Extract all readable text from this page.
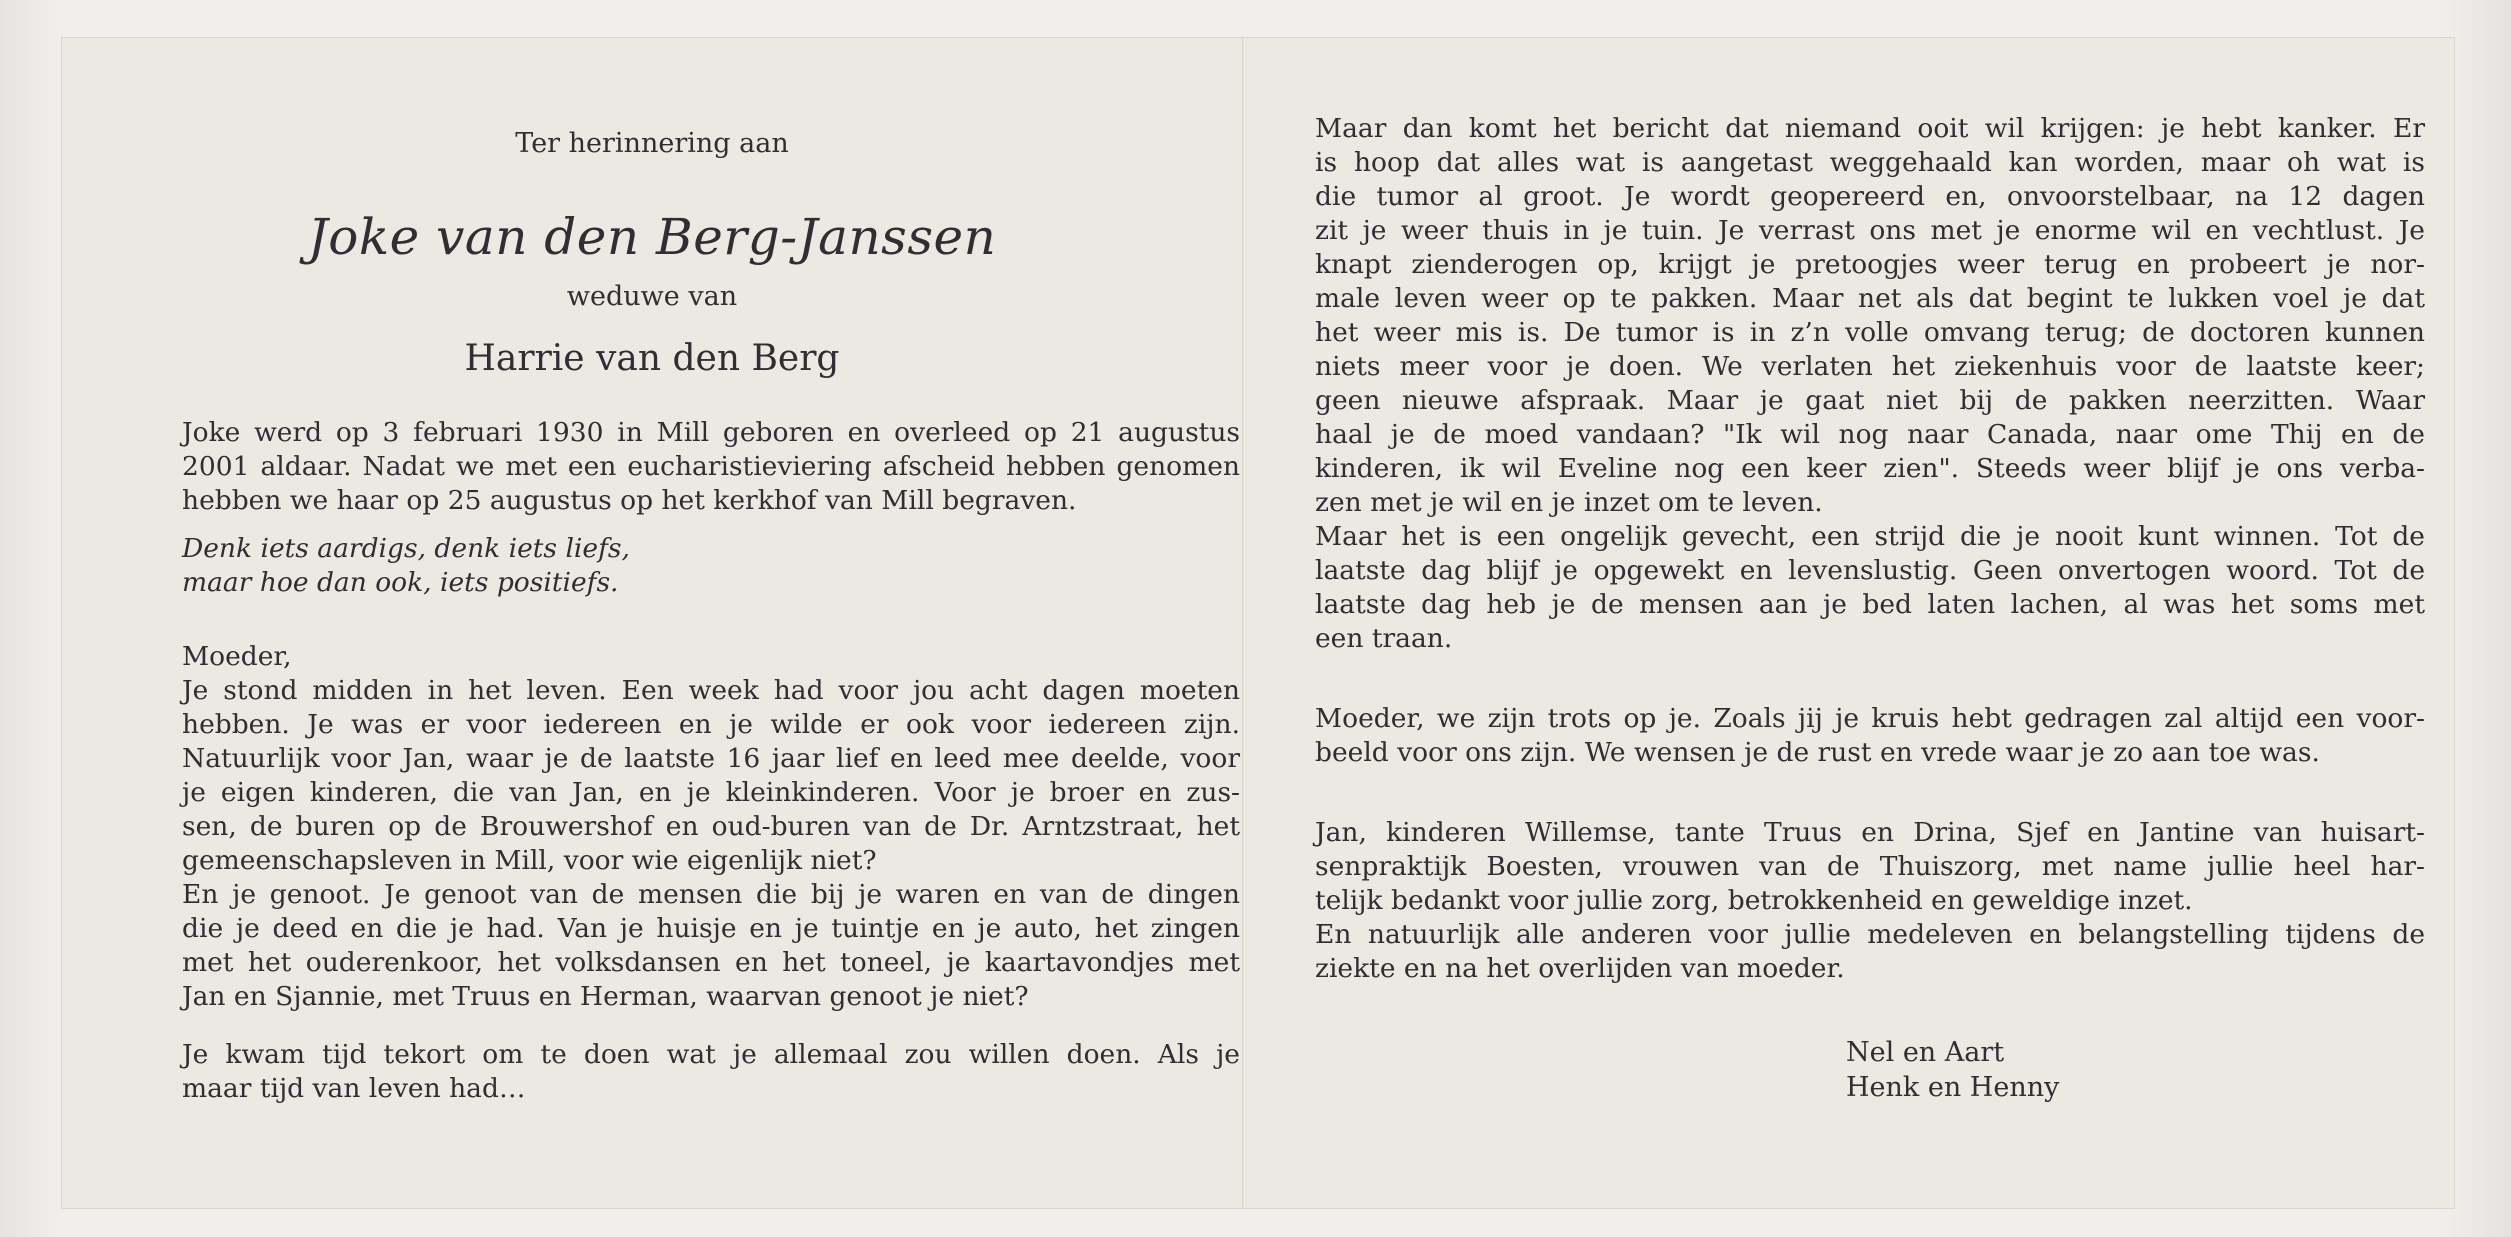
Ter herinnering aan
Joke van den Berg-Janssen
weduwe van
Harrie van den Berg
Joke werd op 3 februari 1930 in Mill geboren en overleed op 21 augustus
2001 aldaar. Nadat we met een eucharistieviering afscheid hebben genomen
hebben we haar op 25 augustus op het kerkhof van Mill begraven.
Denk iets aardigs, denk iets liefs,
maar hoe dan ook, iets positiefs.
Moeder,
Je stond midden in het leven. Een week had voor jou acht dagen moeten
hebben. Je was er voor iedereen en je wilde er ook voor iedereen zijn.
Natuurlijk voor Jan, waar je de laatste 16 jaar lief en leed mee deelde, voor
je eigen kinderen, die van Jan, en je kleinkinderen. Voor je broer en zus-
sen, de buren op de Brouwershof en oud-buren van de Dr. Arntzstraat, het
gemeenschapsleven in Mill, voor wie eigenlijk niet?
En je genoot. Je genoot van de mensen die bij je waren en van de dingen
die je deed en die je had. Van je huisje en je tuintje en je auto, het zingen
met het ouderenkoor, het volksdansen en het toneel, je kaartavondjes met
Jan en Sjannie, met Truus en Herman, waarvan genoot je niet?
Je kwam tijd tekort om te doen wat je allemaal zou willen doen. Als je
maar tijd van leven had…
Maar dan komt het bericht dat niemand ooit wil krijgen: je hebt kanker. Er
is hoop dat alles wat is aangetast weggehaald kan worden, maar oh wat is
die tumor al groot. Je wordt geopereerd en, onvoorstelbaar, na 12 dagen
zit je weer thuis in je tuin. Je verrast ons met je enorme wil en vechtlust. Je
knapt zienderogen op, krijgt je pretoogjes weer terug en probeert je nor-
male leven weer op te pakken. Maar net als dat begint te lukken voel je dat
het weer mis is. De tumor is in z’n volle omvang terug; de doctoren kunnen
niets meer voor je doen. We verlaten het ziekenhuis voor de laatste keer;
geen nieuwe afspraak. Maar je gaat niet bij de pakken neerzitten. Waar
haal je de moed vandaan? "Ik wil nog naar Canada, naar ome Thij en de
kinderen, ik wil Eveline nog een keer zien". Steeds weer blijf je ons verba-
zen met je wil en je inzet om te leven.
Maar het is een ongelijk gevecht, een strijd die je nooit kunt winnen. Tot de
laatste dag blijf je opgewekt en levenslustig. Geen onvertogen woord. Tot de
laatste dag heb je de mensen aan je bed laten lachen, al was het soms met
een traan.
Moeder, we zijn trots op je. Zoals jij je kruis hebt gedragen zal altijd een voor-
beeld voor ons zijn. We wensen je de rust en vrede waar je zo aan toe was.
Jan, kinderen Willemse, tante Truus en Drina, Sjef en Jantine van huisart-
senpraktijk Boesten, vrouwen van de Thuiszorg, met name jullie heel har-
telijk bedankt voor jullie zorg, betrokkenheid en geweldige inzet.
En natuurlijk alle anderen voor jullie medeleven en belangstelling tijdens de
ziekte en na het overlijden van moeder.
Nel en Aart
Henk en Henny
